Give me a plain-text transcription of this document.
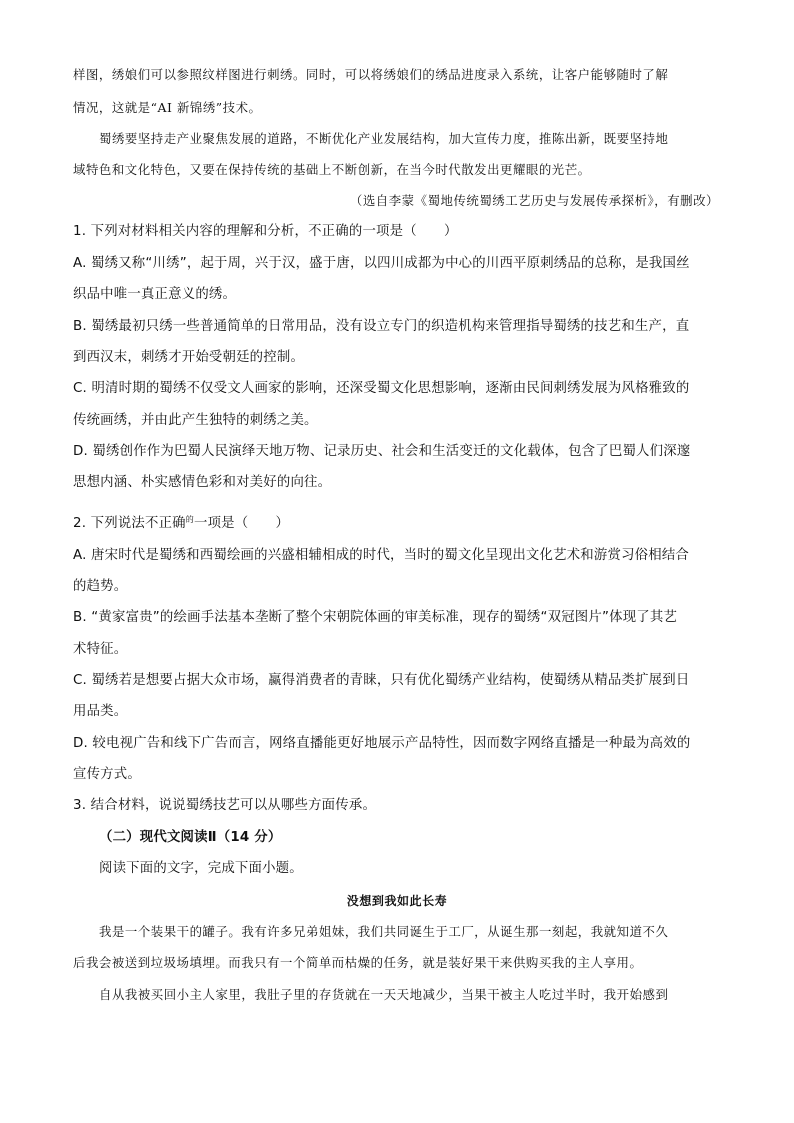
样图，绣娘们可以参照纹样图进行刺绣。同时，可以将绣娘们的绣品进度录入系统，让客户能够随时了解
情况，这就是“AI 新锦绣”技术。
蜀绣要坚持走产业聚焦发展的道路，不断优化产业发展结构，加大宣传力度，推陈出新，既要坚持地
域特色和文化特色，又要在保持传统的基础上不断创新，在当今时代散发出更耀眼的光芒。
（选自李蒙《蜀地传统蜀绣工艺历史与发展传承探析》，有删改）
1. 下列对材料相关内容的理解和分析，不正确的一项是（　　）
A. 蜀绣又称“川绣”，起于周，兴于汉，盛于唐，以四川成都为中心的川西平原刺绣品的总称，是我国丝
织品中唯一真正意义的绣。
B. 蜀绣最初只绣一些普通简单的日常用品，没有设立专门的织造机构来管理指导蜀绣的技艺和生产，直
到西汉末，刺绣才开始受朝廷的控制。
C. 明清时期的蜀绣不仅受文人画家的影响，还深受蜀文化思想影响，逐渐由民间刺绣发展为风格雅致的
传统画绣，并由此产生独特的刺绣之美。
D. 蜀绣创作作为巴蜀人民演绎天地万物、记录历史、社会和生活变迁的文化载体，包含了巴蜀人们深邃
思想内涵、朴实感情色彩和对美好的向往。
2. 下列说法不正确$^的$一项是（　　）
A. 唐宋时代是蜀绣和西蜀绘画的兴盛相辅相成的时代，当时的蜀文化呈现出文化艺术和游赏习俗相结合
的趋势。
B. “黄家富贵”的绘画手法基本垄断了整个宋朝院体画的审美标准，现存的蜀绣“双冠图片”体现了其艺
术特征。
C. 蜀绣若是想要占据大众市场，赢得消费者的青睐，只有优化蜀绣产业结构，使蜀绣从精品类扩展到日
用品类。
D. 较电视广告和线下广告而言，网络直播能更好地展示产品特性，因而数字网络直播是一种最为高效的
宣传方式。
3. 结合材料，说说蜀绣技艺可以从哪些方面传承。
（二）现代文阅读Ⅱ（14 分）
阅读下面的文字，完成下面小题。
没想到我如此长寿
我是一个装果干的罐子。我有许多兄弟姐妹，我们共同诞生于工厂，从诞生那一刻起，我就知道不久
后我会被送到垃圾场填埋。而我只有一个简单而枯燥的任务，就是装好果干来供购买我的主人享用。
自从我被买回小主人家里，我肚子里的存货就在一天天地减少，当果干被主人吃过半时，我开始感到
